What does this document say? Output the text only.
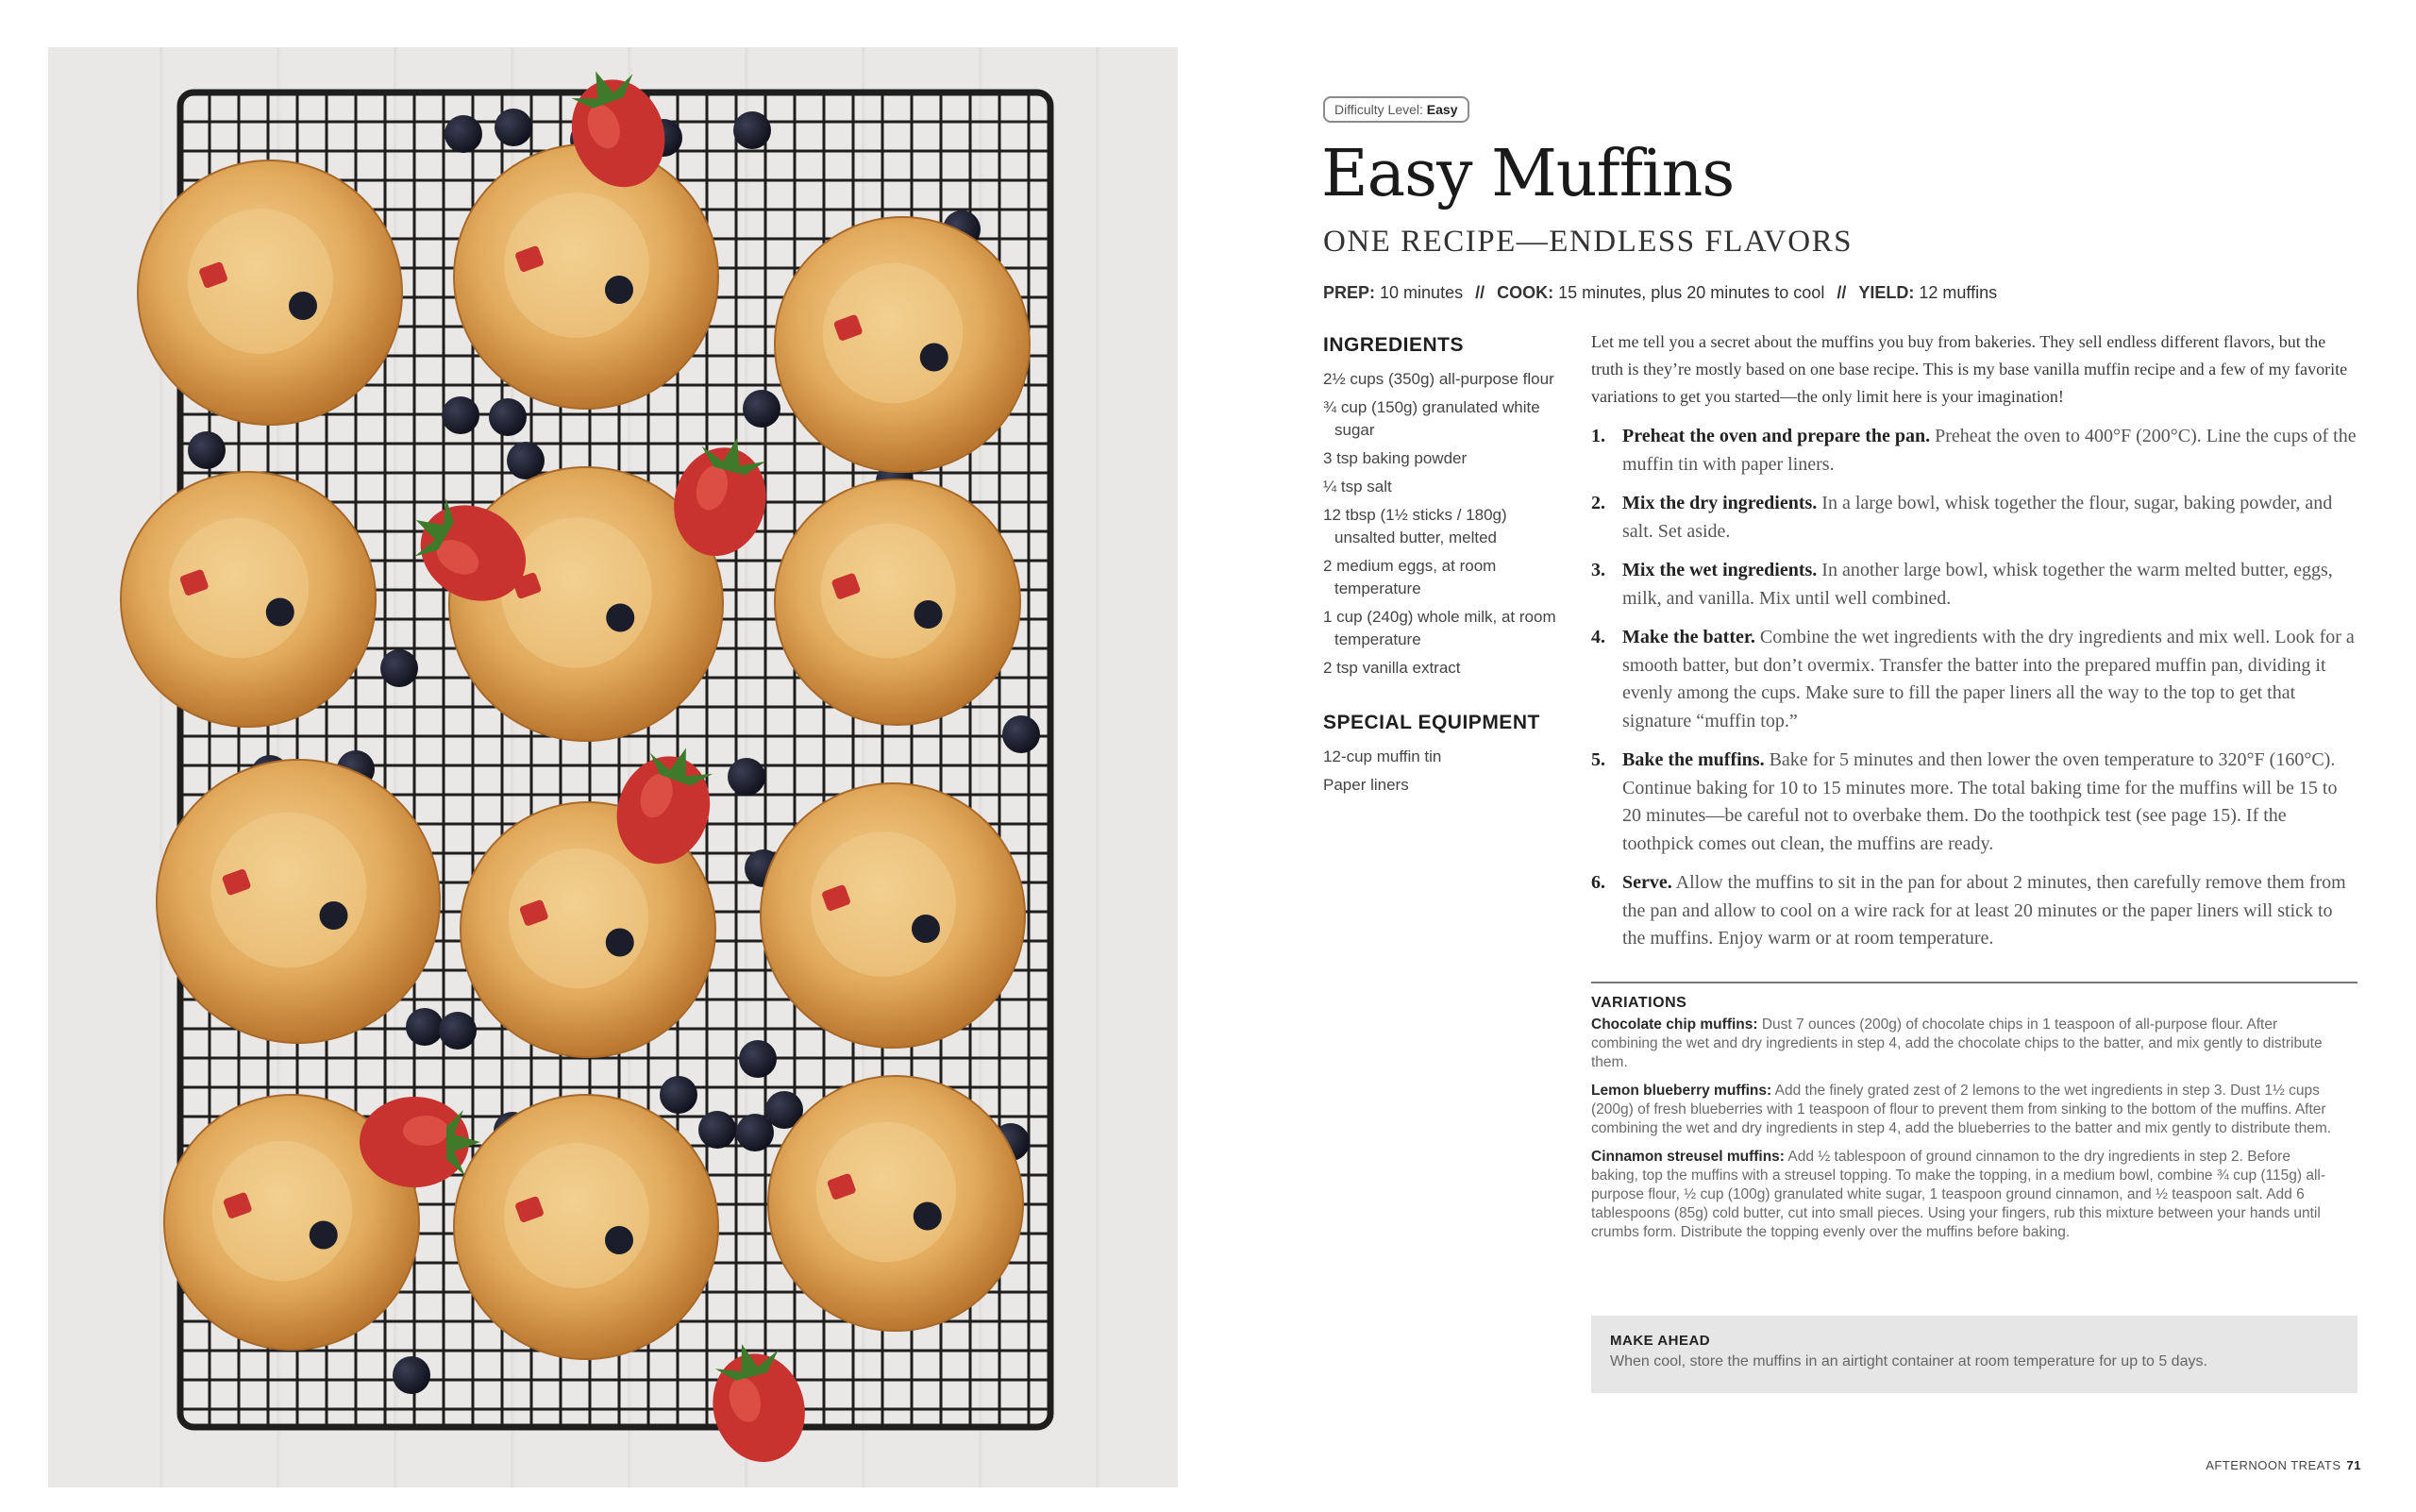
Difficulty Level: Easy
Easy Muffins
ONE RECIPE—ENDLESS FLAVORS
PREP: 10 minutes // COOK: 15 minutes, plus 20 minutes to cool // YIELD: 12 muffins
INGREDIENTS
2½ cups (350g) all-purpose flour
¾ cup (150g) granulated white sugar
3 tsp baking powder
¼ tsp salt
12 tbsp (1½ sticks / 180g) unsalted butter, melted
2 medium eggs, at room temperature
1 cup (240g) whole milk, at room temperature
2 tsp vanilla extract
SPECIAL EQUIPMENT
12-cup muffin tin
Paper liners

Let me tell you a secret about the muffins you buy from bakeries. They sell endless different flavors, but the truth is they’re mostly based on one base recipe. This is my base vanilla muffin recipe and a few of my favorite variations to get you started—the only limit here is your imagination!

1. Preheat the oven and prepare the pan. Preheat the oven to 400°F (200°C). Line the cups of the muffin tin with paper liners.
2. Mix the dry ingredients. In a large bowl, whisk together the flour, sugar, baking powder, and salt. Set aside.
3. Mix the wet ingredients. In another large bowl, whisk together the warm melted butter, eggs, milk, and vanilla. Mix until well combined.
4. Make the batter. Combine the wet ingredients with the dry ingredients and mix well. Look for a smooth batter, but don’t overmix. Transfer the batter into the prepared muffin pan, dividing it evenly among the cups. Make sure to fill the paper liners all the way to the top to get that signature “muffin top.”
5. Bake the muffins. Bake for 5 minutes and then lower the oven temperature to 320°F (160°C). Continue baking for 10 to 15 minutes more. The total baking time for the muffins will be 15 to 20 minutes—be careful not to overbake them. Do the toothpick test (see page 15). If the toothpick comes out clean, the muffins are ready.
6. Serve. Allow the muffins to sit in the pan for about 2 minutes, then carefully remove them from the pan and allow to cool on a wire rack for at least 20 minutes or the paper liners will stick to the muffins. Enjoy warm or at room temperature.
VARIATIONS

Chocolate chip muffins: Dust 7 ounces (200g) of chocolate chips in 1 teaspoon of all-purpose flour. After combining the wet and dry ingredients in step 4, add the chocolate chips to the batter, and mix gently to distribute them.

Lemon blueberry muffins: Add the finely grated zest of 2 lemons to the wet ingredients in step 3. Dust 1½ cups (200g) of fresh blueberries with 1 teaspoon of flour to prevent them from sinking to the bottom of the muffins. After combining the wet and dry ingredients in step 4, add the blueberries to the batter and mix gently to distribute them.

Cinnamon streusel muffins: Add ½ tablespoon of ground cinnamon to the dry ingredients in step 2. Before baking, top the muffins with a streusel topping. To make the topping, in a medium bowl, combine ¾ cup (115g) all-purpose flour, ½ cup (100g) granulated white sugar, 1 teaspoon ground cinnamon, and ½ teaspoon salt. Add 6 tablespoons (85g) cold butter, cut into small pieces. Using your fingers, rub this mixture between your hands until crumbs form. Distribute the topping evenly over the muffins before baking.

MAKE AHEAD

When cool, store the muffins in an airtight container at room temperature for up to 5 days.

AFTERNOON TREATS 71
